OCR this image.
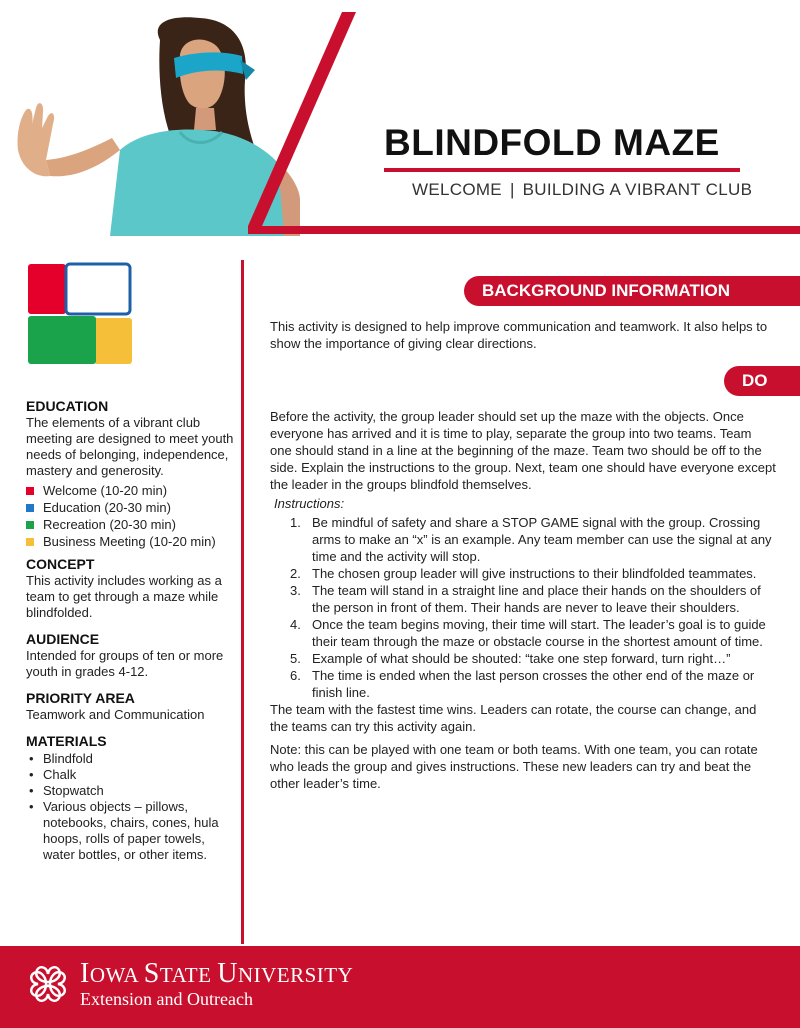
BLINDFOLD MAZE
WELCOME | BUILDING A VIBRANT CLUB
EDUCATION

The elements of a vibrant club meeting are designed to meet youth needs of belonging, independence, mastery and generosity.

Welcome (10-20 min)
Education (20-30 min)
Recreation (20-30 min)
Business Meeting (10-20 min)
CONCEPT

This activity includes working as a team to get through a maze while blindfolded.

AUDIENCE

Intended for groups of ten or more youth in grades 4-12.

PRIORITY AREA

Teamwork and Communication

MATERIALS
• Blindfold
• Chalk
• Stopwatch
• Various objects – pillows, notebooks, chairs, cones, hula hoops, rolls of paper towels, water bottles, or other items.
BACKGROUND INFORMATION
This activity is designed to help improve communication and teamwork. It also helps to show the importance of giving clear directions.
DO

Before the activity, the group leader should set up the maze with the objects. Once everyone has arrived and it is time to play, separate the group into two teams. Team one should stand in a line at the beginning of the maze. Team two should be off to the side. Explain the instructions to the group. Next, team one should have everyone except the leader in the groups blindfold themselves.

Instructions:

1. Be mindful of safety and share a STOP GAME signal with the group. Crossing arms to make an “x” is an example. Any team member can use the signal at any time and the activity will stop.
2. The chosen group leader will give instructions to their blindfolded teammates.
3. The team will stand in a straight line and place their hands on the shoulders of the person in front of them. Their hands are never to leave their shoulders.
4. Once the team begins moving, their time will start. The leader’s goal is to guide their team through the maze or obstacle course in the shortest amount of time.
5. Example of what should be shouted: “take one step forward, turn right…”
6. The time is ended when the last person crosses the other end of the maze or finish line.

The team with the fastest time wins. Leaders can rotate, the course can change, and the teams can try this activity again.

Note: this can be played with one team or both teams. With one team, you can rotate who leads the group and gives instructions. These new leaders can try and beat the other leader’s time.

H IOWA STATE UNIVERSITY
Extension and Outreach
